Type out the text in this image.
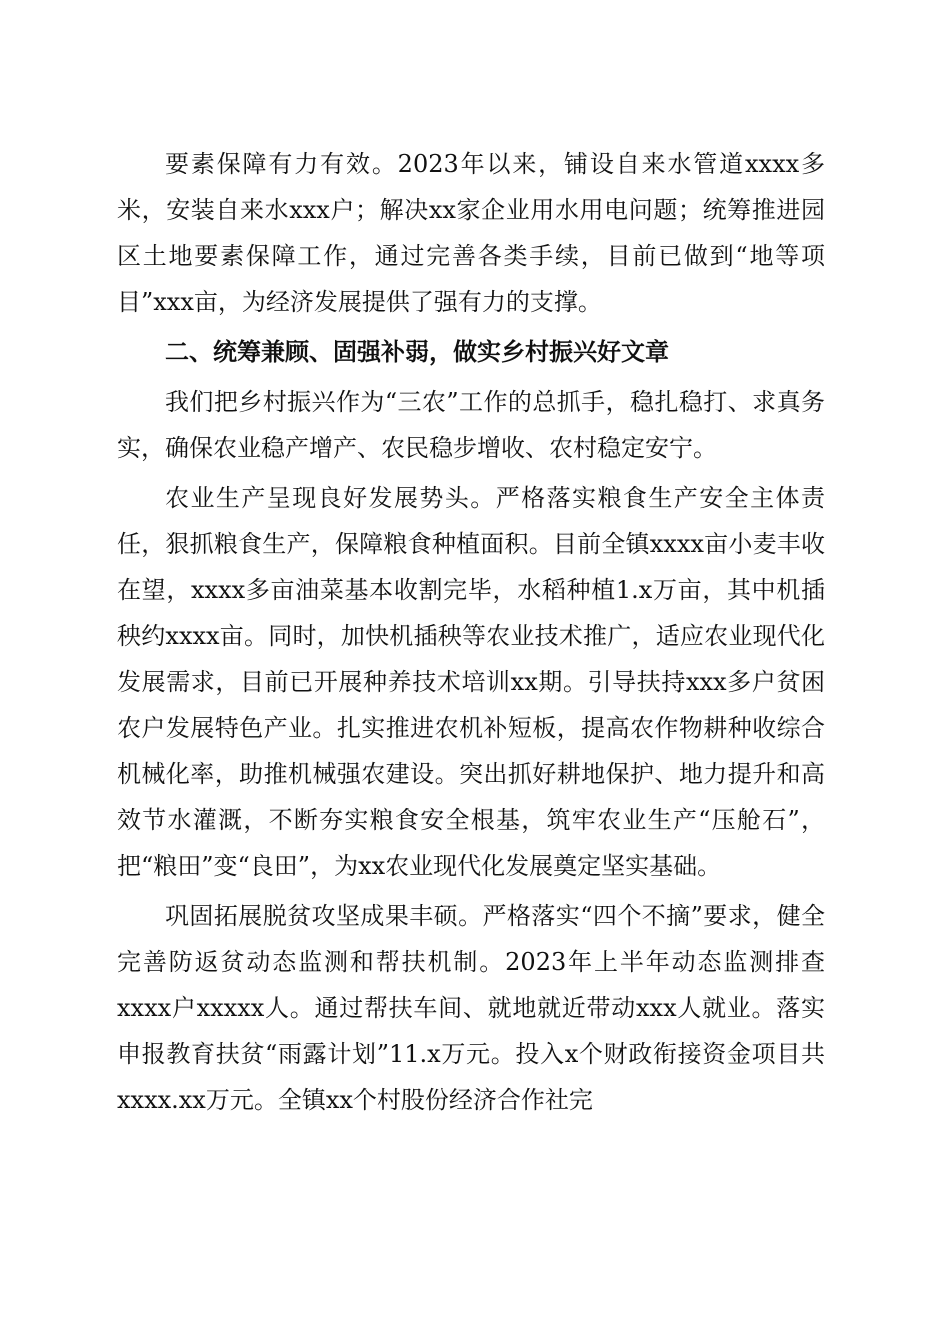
要素保障有力有效。2023年以来，铺设自来水管道xxxx多米，安装自来水xxx户；解决xx家企业用水用电问题；统筹推进园区土地要素保障工作，通过完善各类手续，目前已做到“地等项目”xxx亩，为经济发展提供了强有力的支撑。

二、统筹兼顾、固强补弱，做实乡村振兴好文章

我们把乡村振兴作为“三农”工作的总抓手，稳扎稳打、求真务实，确保农业稳产增产、农民稳步增收、农村稳定安宁。

农业生产呈现良好发展势头。严格落实粮食生产安全主体责任，狠抓粮食生产，保障粮食种植面积。目前全镇xxxx亩小麦丰收在望，xxxx多亩油菜基本收割完毕，水稻种植1.x万亩，其中机插秧约xxxx亩。同时，加快机插秧等农业技术推广，适应农业现代化发展需求，目前已开展种养技术培训xx期。引导扶持xxx多户贫困农户发展特色产业。扎实推进农机补短板，提高农作物耕种收综合机械化率，助推机械强农建设。突出抓好耕地保护、地力提升和高效节水灌溉，不断夯实粮食安全根基，筑牢农业生产“压舱石”，把“粮田”变“良田”，为xx农业现代化发展奠定坚实基础。

巩固拓展脱贫攻坚成果丰硕。严格落实“四个不摘”要求，健全完善防返贫动态监测和帮扶机制。2023年上半年动态监测排查xxxx户xxxxx人。通过帮扶车间、就地就近带动xxx人就业。落实申报教育扶贫“雨露计划”11.x万元。投入x个财政衔接资金项目共xxxx.xx万元。全镇xx个村股份经济合作社完
